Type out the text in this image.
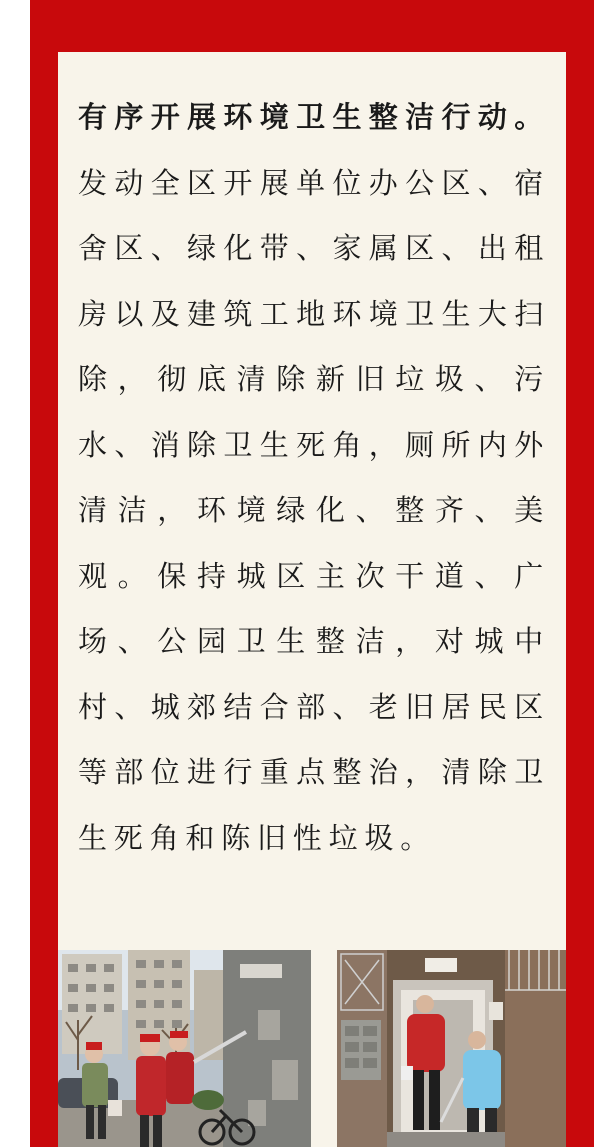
有序开展环境卫生整洁行动。发动全区开展单位办公区、宿舍区、绿化带、家属区、出租房以及建筑工地环境卫生大扫除，彻底清除新旧垃圾、污水、消除卫生死角，厕所内外清洁，环境绿化、整齐、美观。保持城区主次干道、广场、公园卫生整洁，对城中村、城郊结合部、老旧居民区等部位进行重点整治，清除卫生死角和陈旧性垃圾。
